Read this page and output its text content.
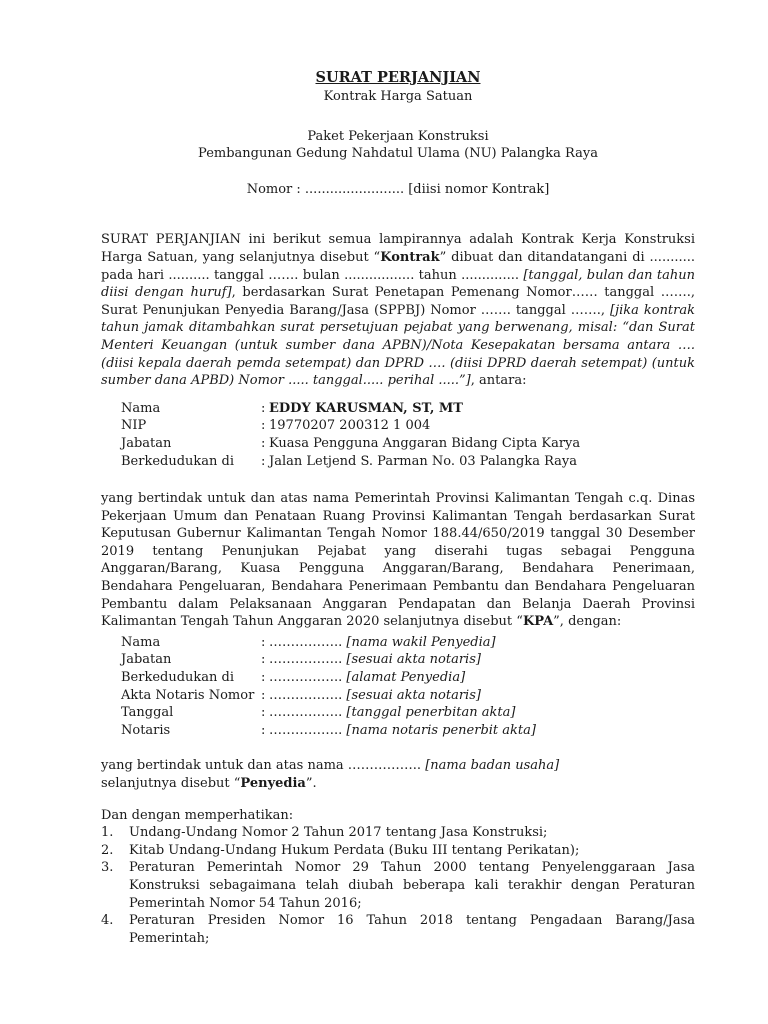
SURAT PERJANJIAN
Kontrak Harga Satuan
Paket Pekerjaan Konstruksi
Pembangunan Gedung Nahdatul Ulama (NU) Palangka Raya
Nomor : ........................ [diisi nomor Kontrak]
SURAT PERJANJIAN ini berikut semua lampirannya adalah Kontrak Kerja Konstruksi Harga Satuan, yang selanjutnya disebut “Kontrak” dibuat dan ditandatangani di ........... pada hari .......... tanggal ……. bulan ................. tahun .............. [tanggal, bulan dan tahun diisi dengan huruf], berdasarkan Surat Penetapan Pemenang Nomor…… tanggal ……., Surat Penunjukan Penyedia Barang/Jasa (SPPBJ) Nomor ……. tanggal ……., [jika kontrak tahun jamak ditambahkan surat persetujuan pejabat yang berwenang, misal: “dan Surat Menteri Keuangan (untuk sumber dana APBN)/Nota Kesepakatan bersama antara …. (diisi kepala daerah pemda setempat) dan DPRD …. (diisi DPRD daerah setempat) (untuk sumber dana APBD) Nomor ..... tanggal..... perihal .....”], antara:
Nama	: EDDY KARUSMAN, ST, MT
NIP	: 19770207 200312 1 004
Jabatan	: Kuasa Pengguna Anggaran Bidang Cipta Karya
Berkedudukan di	: Jalan Letjend S. Parman No. 03 Palangka Raya
yang bertindak untuk dan atas nama Pemerintah Provinsi Kalimantan Tengah c.q. Dinas Pekerjaan Umum dan Penataan Ruang Provinsi Kalimantan Tengah berdasarkan Surat Keputusan Gubernur Kalimantan Tengah Nomor 188.44/650/2019 tanggal 30 Desember 2019 tentang Penunjukan Pejabat yang diserahi tugas sebagai Pengguna Anggaran/Barang, Kuasa Pengguna Anggaran/Barang, Bendahara Penerimaan, Bendahara Pengeluaran, Bendahara Penerimaan Pembantu dan Bendahara Pengeluaran Pembantu dalam Pelaksanaan Anggaran Pendapatan dan Belanja Daerah Provinsi Kalimantan Tengah Tahun Anggaran 2020 selanjutnya disebut “KPA”, dengan:
Nama	: …………….. [nama wakil Penyedia]
Jabatan	: …………….. [sesuai akta notaris]
Berkedudukan di	: …………….. [alamat Penyedia]
Akta Notaris Nomor : …………….. [sesuai akta notaris]
Tanggal	: …………….. [tanggal penerbitan akta]
Notaris	: …………….. [nama notaris penerbit akta]
yang bertindak untuk dan atas nama …………….. [nama badan usaha] selanjutnya disebut “Penyedia”.
Dan dengan memperhatikan:
1.	Undang-Undang Nomor 2 Tahun 2017 tentang Jasa Konstruksi;
2.	Kitab Undang-Undang Hukum Perdata (Buku III tentang Perikatan);
3.	Peraturan Pemerintah Nomor 29 Tahun 2000 tentang Penyelenggaraan Jasa Konstruksi sebagaimana telah diubah beberapa kali terakhir dengan Peraturan Pemerintah Nomor 54 Tahun 2016;
4.	Peraturan Presiden Nomor 16 Tahun 2018 tentang Pengadaan Barang/Jasa Pemerintah;
